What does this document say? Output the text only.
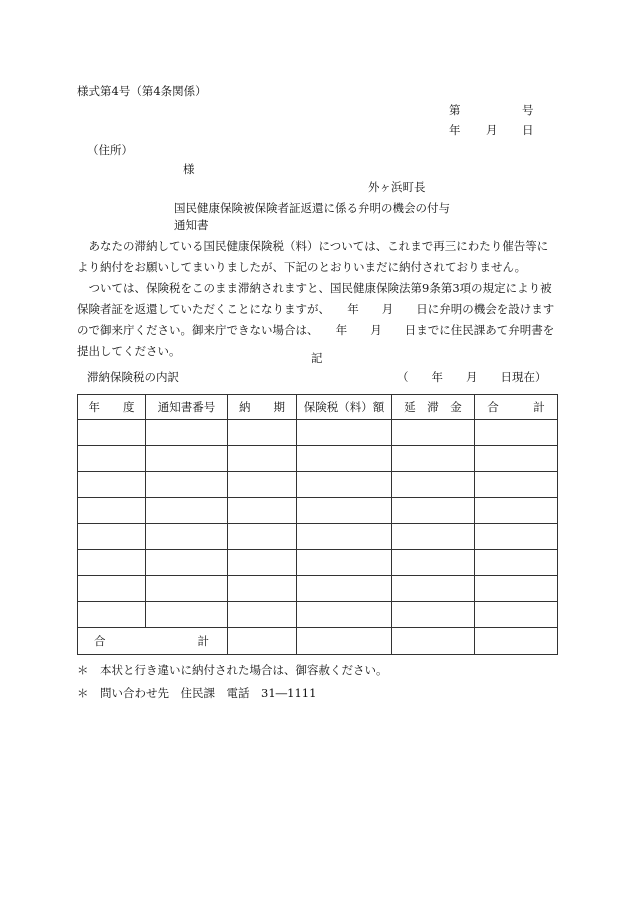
様式第4号（第4条関係）
第	号
年 月 日
（住所）
様
外ヶ浜町長
国民健康保険被保険者証返還に係る弁明の機会の付与
通知書
あなたの滞納している国民健康保険税（料）については、これまで再三にわたり催告等により納付をお願いしてまいりましたが、下記のとおりいまだに納付されておりません。
ついては、保険税をこのまま滞納されますと、国民健康保険法第9条第3項の規定により被保険者証を返還していただくことになりますが、　　年　　月　　日に弁明の機会を設けますので御来庁ください。御来庁できない場合は、　　年　　月　　日までに住民課あて弁明書を提出してください。	記
滞納保険税の内訳	（　　年　　月　　日現在）
年　　度	通知書番号	納　　期	保険税（料）額	延　滞　金	合　　　計

合 計					

＊　本状と行き違いに納付された場合は、御容赦ください。
＊　問い合わせ先　住民課　電話　31―1111
